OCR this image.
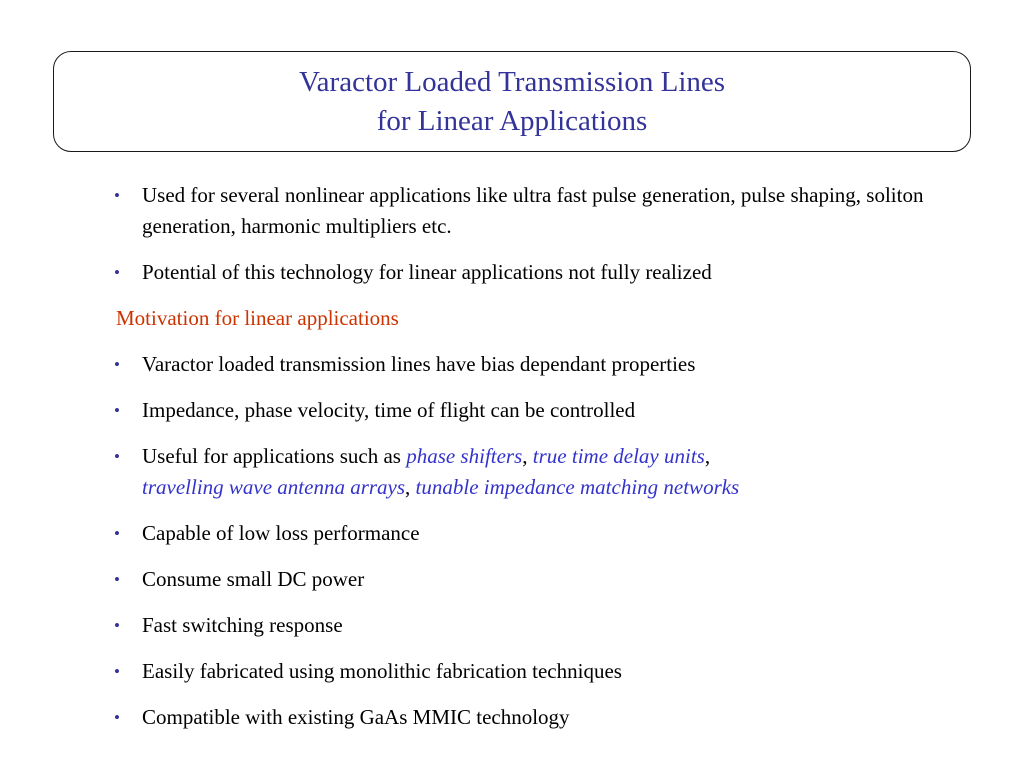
Varactor Loaded Transmission Lines
for Linear Applications
• Used for several nonlinear applications like ultra fast pulse generation, pulse shaping, soliton generation, harmonic multipliers etc.
• Potential of this technology for linear applications not fully realized
Motivation for linear applications
• Varactor loaded transmission lines have bias dependant properties
• Impedance, phase velocity, time of flight can be controlled
• Useful for applications such as phase shifters, true time delay units,
travelling wave antenna arrays, tunable impedance matching networks
• Capable of low loss performance
• Consume small DC power
• Fast switching response
• Easily fabricated using monolithic fabrication techniques
• Compatible with existing GaAs MMIC technology
